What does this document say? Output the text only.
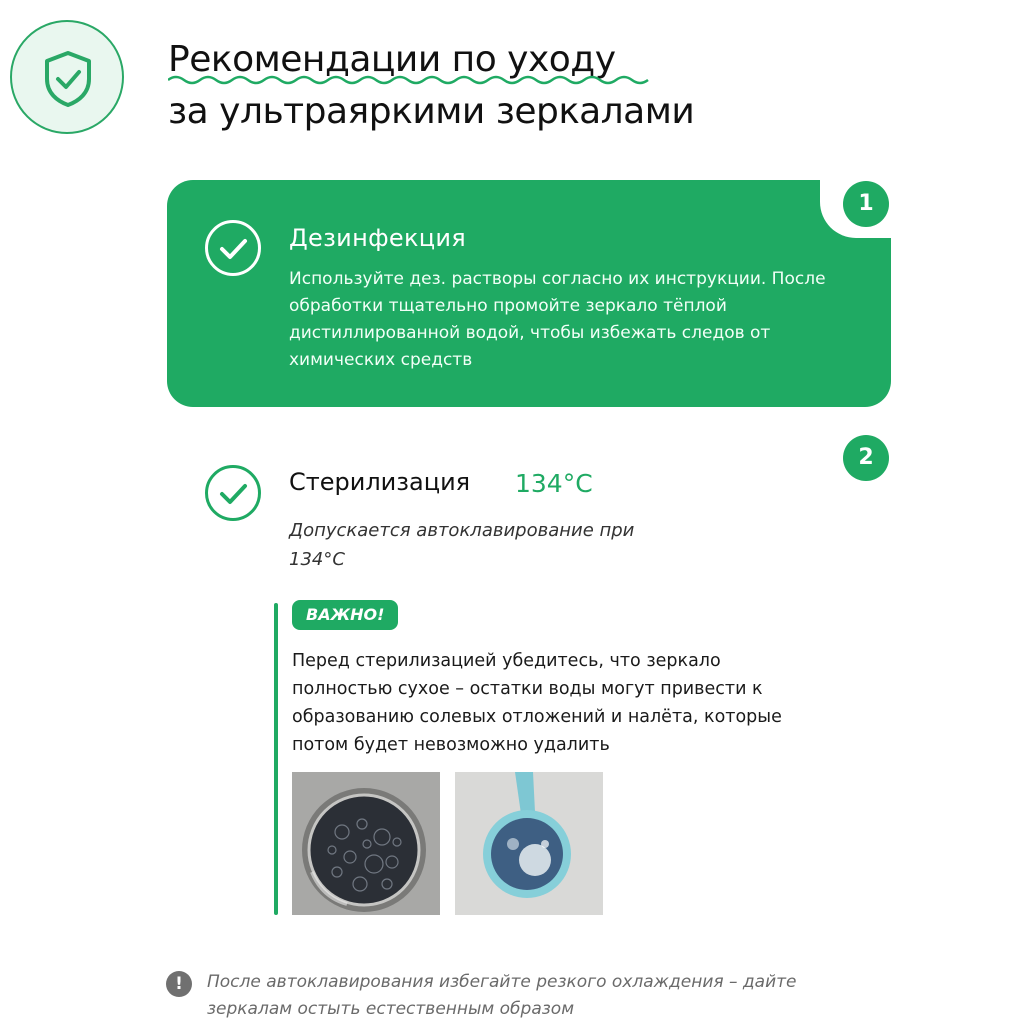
Рекомендации по уходу
за ультраяркими зерκалами
Дезинфекция

Используйте дез. растворы согласно их инструкции. После обработки тщательно промойте зеркало тёплой дистиллированной водой, чтобы избежать следов от химических средств

1
2
Стерилизация 134°C

Допускается автоклавирование при 134°C

ВАЖНО!

Перед стерилизацией убедитесь, что зеркало полностью сухое – остатки воды могут привести к образованию солевых отложений и налёта, которые потом будет невозможно удалить

!	После автоклавирования избегайте резкого охлаждения – дайте зеркалам остыть естественным образом
